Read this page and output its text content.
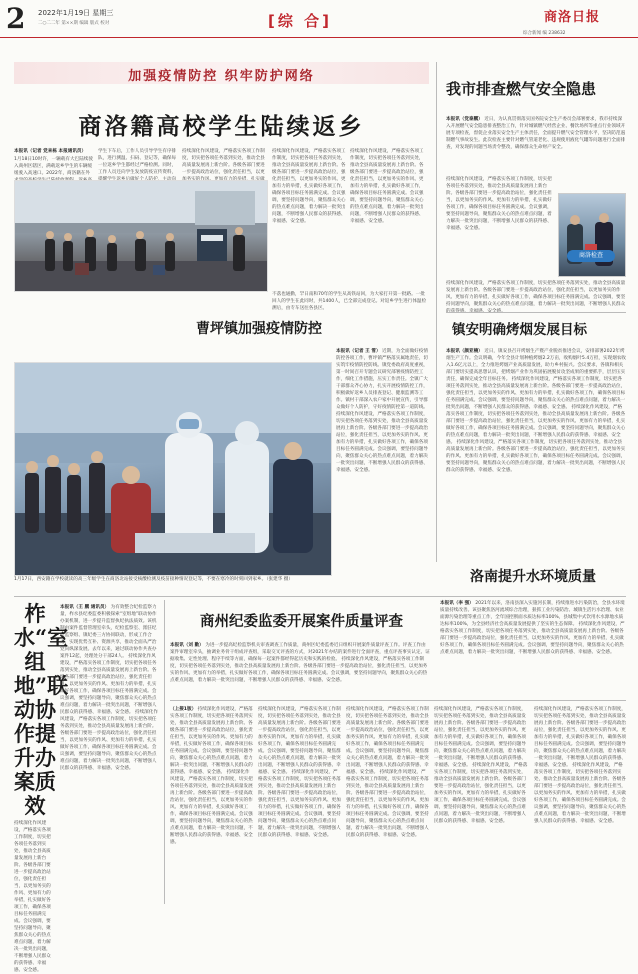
2 2022年1月19日 星期三
二○二二年 第××期 编辑 版式 校对	[综 合]	商洛日报
综合新闻 编 238632
加强疫情防控 织牢防护网络
商洛籍高校学生陆续返乡
本报讯（记者 党来栋 本报通讯员）

1月18日10时许，一辆载有大巴陆续驶入商州区辖区，满载返乡学生的车辆缓缓驶入高速口。2022年，商洛籍在外

学生下车后，工作人员引导学生有序排队，进行测温、扫码、登记等，确保每一位返乡学生都经过严格检测。同时，工作人员还向学生发放防疫宣传资料，

持续深化作风建设，严格落实各项工作制度，切实把各项任务落到实处，推动全县高质量发展再上新台阶。各级各部门要进一步提高政治站位，强化责任担当，以更

持续深化作风建设，严格落实各项工作制度，切实把各项任务落到实处，推动全县高质量发展再上新台阶。各级各部门要进一步提高政治站位，强化责任担当，以更加务实的作风、更加有力的举措，扎实做好各项工作，确保各项目标任务圆满完成。会议强调，要坚持问题导向，聚焦群众关心的热点难点问题，着力解决一批突出问题，不断增强人民群众的获得感、幸福感、安全感。

持续深化作风建设，严格落实各项工作制度，切实把各项任务落到实处，推动全县高质量发展再上新台阶。各级各部门要进一步提高政治站位，强化责任担当，以更加务实的作风、更加有力的举措，扎实做好各项工作，确保各项目标任务圆满完成。会议强调，要坚持问题导向，聚焦群众关心的热点难点问题，着力解决一批突出问题，不断增强人民群众的获得感、幸福感、安全感。

不落也通勤，罕日南和70年的学生从高铁站回，为大家打开第一批路。一批回人的学生在此同时，共1400人，已全部完成登记。对返乡学生进行体温检测后，由专车送往各县区。

我市排查燃气安全隐患
本报讯（党泰鹏） 近日，为认真贯彻落实国务院安全生产委员会部署要求，我市持续深入开展燃气安全隐患排查整治工作，针对城镇燃气经营企业、餐饮场所等重点行业领域开展专项检查，督促企业落实安全生产主体责任，全面提升燃气安全管理水平，坚决防范遏制燃气事故发生。此次检查主要针对燃气管道老化、违规使用液化气罐等问题进行全面排查，对发现的问题当场责令整改，确保群众生命财产安全。
持续深化作风建设，严格落实各项工作制度，切实把各项任务落到实处，推动全县高质量发展再上新台阶。各级各部门要进一步提高政治站位，强化责任担当，以更加务实的作风、更加有力的举措，扎实做好各项工作，确保各项目标任务圆满完成。会议强调，要坚持问题导向，聚焦群众关心的热点难点问题，着力解决一批突出问题，不断增强人民群众的获得感、幸福感、安全感。
商洛检查
持续深化作风建设，严格落实各项工作制度，切实把各项任务落到实处，推动全县高质量发展再上新台阶。各级各部门要进一步提高政治站位，强化责任担当，以更加务实的作风、更加有力的举措，扎实做好各项工作，确保各项目标任务圆满完成。会议强调，要坚持问题导向，聚焦群众关心的热点难点问题，着力解决一批突出问题，不断增强人民群众
镇安明确烤烟发展目标
本报讯（颜亚楠） 近日，镇安县召开烤烟生产暨产业脱贫推进会议，安排部署2022年烤烟生产工作。会议明确，今年全县计划种植烤烟2.2万亩，收购烟叶5.4万担，实现烟农收入1.6亿元以上，全力推进烤烟产业高质量发展，助力乡村振兴。会议要求，各镇和相关部门要切实提高思想认识，把烤烟产业作为巩固拓展脱贫攻坚成果的重要抓手，层层压实责任，确保完成全年目标任务。 持续深化作风建设，严格落实各项工作制度，切实把各项任务落到实处，推动全县高质量发展再上新台阶。各级各部门要进一步提高政治站位，强化责任担当，以更加务实的作风、更加有力的举措，扎实做好各项工作，确保各项目标任务圆满完成。会议强调，要坚持问题导向，聚焦群众关心的热点难点问题，着力解决一批突出问题，不断增强人民群众的获得感、幸福感、安全感。 持续深化作风建设，严格落实各项工作制度，切实把各项任务落到实处，推动全县高质量发展再上新台阶。各级各部门要进一步提高政治站位，强化责任担当，以更加务实的作风、更加有力的举措，扎实做好各项工作，确保各项目标任务圆满完成。会议强调，要坚持问题导向，聚焦群众关心的热点难点问题，着力解决一批突出问题，不断增强人民群众的获得感、幸福感、安全感。 持续深化作风建设，严格落实各项工作制度，切实把各项任务落到实处，推动全县高质量发展再上新台阶。各级各部门要进一步提高政治站位，强化责任担当，以更加务实的作风、更加有力的举措，扎实做好各项工作，确保各项目标任务圆满完成。会议强调，要坚持问题导向，聚焦群众关心的热点难点问题，着力解决一批突出问题，不断增强人民群众的获得感、幸福感、安全感。
曹坪镇加强疫情防控
本报讯（记者 王 雪） 近期，为全面做好疫情防控各项工作，曹坪镇严格落实属地责任，切实筑牢疫情防控防线。镇党委政府高度重视，第一时间召开专题会议研究部署疫情防控工作，细化工作措施，压实工作责任。全镇广大干部群众齐心协力，扎实开展疫情防控工作，积极做好返乡人员排查登记、健康监测等工作。镇村干部深入农户家中开展宣传，引导群众做好个人防护，守好疫情防控第一道防线。 持续深化作风建设，严格落实各项工作制度，切实把各项任务落到实处，推动全县高质量发展再上新台阶。各级各部门要进一步提高政治站位，强化责任担当，以更加务实的作风、更加有力的举措，扎实做好各项工作，确保各项目标任务圆满完成。会议强调，要坚持问题导向，聚焦群众关心的热点难点问题，着力解决一批突出问题，不断增强人民群众的获得感、幸福感、安全感。
1月17日，西安籍在学校就读的高三年级学生在商洛北站接受核酸检测及疫苗接种情况登记等，不要在寒冷的时刻回到家乡。（张建华 摄）
柞水“室组地”联动协作提升办案质效
本报讯（王 鹏 通讯员） 为有效整合纪检监察力量，柞水县纪委监委积极探索“室组地”联动协作办案机制，进一步提升监督执纪执法质效。该机制由案件监督管理室牵头，纪检监察室、派驻纪检监察组、镇纪委三方协同联动，形成工作合力，实现优势互补、资源共享，推动全面从严治党向纵深发展。去年以来，通过联动协作共查办案件12起，处理处分干部24人。 持续深化作风建设，严格落实各项工作制度，切实把各项任务落到实处，推动全县高质量发展再上新台阶。各级各部门要进一步提高政治站位，强化责任担当，以更加务实的作风、更加有力的举措，扎实做好各项工作，确保各项目标任务圆满完成。会议强调，要坚持问题导向，聚焦群众关心的热点难点问题，着力解决一批突出问题，不断增强人民群众的获得感、幸福感、安全感。 持续深化作风建设，严格落实各项工作制度，切实把各项任务落到实处，推动全县高质量发展再上新台阶。各级各部门要进一步提高政治站位，强化责任担当，以更加务实的作风、更加有力的举措，扎实做好各项工作，确保各项目标任务圆满完成。会议强调，要坚持问题导向，聚焦群众关心的热点难点问题，着力解决一批突出问题，不断增强人民群众的获得感、幸福感、安全感。
持续深化作风建设，严格落实各项工作制度，切实把各项任务落到实处，推动全县高质量发展再上新台阶。各级各部门要进一步提高政治站位，强化责任担当，以更加务实的作风、更加有力的举措，扎实做好各项工作，确保各项目标任务圆满完成。会议强调，要坚持问题导向，聚焦群众关心的热点难点问题，着力解决一批突出问题，不断增强人民群众的获得感、幸福感、安全感。
商州纪委监委开展案件质量评查
本报讯（刘 勤） 为进一步提高纪检监察机关审查调查工作质量，商州区纪委监委近日组织开展案件质量评查工作。评查工作由案件审理室牵头，抽调业务骨干组成评查组，采取交叉评查的方式，对2021年办结的案件进行全面评查，重点评查事实认定、证据收集、定性处理、程序手续等方面，确保每一起案件都经得起历史和实践的检验。 持续深化作风建设，严格落实各项工作制度，切实把各项任务落到实处，推动全县高质量发展再上新台阶。各级各部门要进一步提高政治站位，强化责任担当，以更加务实的作风、更加有力的举措，扎实做好各项工作，确保各项目标任务圆满完成。会议强调，要坚持问题导向，聚焦群众关心的热点难点问题，着力解决一批突出问题，不断增强人民群众的获得感、幸福感、安全感。
（上接1版） 持续深化作风建设，严格落实各项工作制度，切实把各项任务落到实处，推动全县高质量发展再上新台阶。各级各部门要进一步提高政治站位，强化责任担当，以更加务实的作风、更加有力的举措，扎实做好各项工作，确保各项目标任务圆满完成。会议强调，要坚持问题导向，聚焦群众关心的热点难点问题，着力解决一批突出问题，不断增强人民群众的获得感、幸福感、安全感。 持续深化作风建设，严格落实各项工作制度，切实把各项任务落到实处，推动全县高质量发展再上新台阶。各级各部门要进一步提高政治站位，强化责任担当，以更加务实的作风、更加有力的举措，扎实做好各项工作，确保各项目标任务圆满完成。会议强调，要坚持问题导向，聚焦群众关心的热点难点问题，着力解决一批突出问题，不断增强人民群众的获得感、幸福感、安全感。
持续深化作风建设，严格落实各项工作制度，切实把各项任务落到实处，推动全县高质量发展再上新台阶。各级各部门要进一步提高政治站位，强化责任担当，以更加务实的作风、更加有力的举措，扎实做好各项工作，确保各项目标任务圆满完成。会议强调，要坚持问题导向，聚焦群众关心的热点难点问题，着力解决一批突出问题，不断增强人民群众的获得感、幸福感、安全感。 持续深化作风建设，严格落实各项工作制度，切实把各项任务落到实处，推动全县高质量发展再上新台阶。各级各部门要进一步提高政治站位，强化责任担当，以更加务实的作风、更加有力的举措，扎实做好各项工作，确保各项目标任务圆满完成。会议强调，要坚持问题导向，聚焦群众关心的热点难点问题，着力解决一批突出问题，不断增强人民群众的获得感、幸福感、安全感。
持续深化作风建设，严格落实各项工作制度，切实把各项任务落到实处，推动全县高质量发展再上新台阶。各级各部门要进一步提高政治站位，强化责任担当，以更加务实的作风、更加有力的举措，扎实做好各项工作，确保各项目标任务圆满完成。会议强调，要坚持问题导向，聚焦群众关心的热点难点问题，着力解决一批突出问题，不断增强人民群众的获得感、幸福感、安全感。 持续深化作风建设，严格落实各项工作制度，切实把各项任务落到实处，推动全县高质量发展再上新台阶。各级各部门要进一步提高政治站位，强化责任担当，以更加务实的作风、更加有力的举措，扎实做好各项工作，确保各项目标任务圆满完成。会议强调，要坚持问题导向，聚焦群众关心的热点难点问题，着力解决一批突出问题，不断增强人民群众的获得感、幸福感、安全感。
持续深化作风建设，严格落实各项工作制度，切实把各项任务落到实处，推动全县高质量发展再上新台阶。各级各部门要进一步提高政治站位，强化责任担当，以更加务实的作风、更加有力的举措，扎实做好各项工作，确保各项目标任务圆满完成。会议强调，要坚持问题导向，聚焦群众关心的热点难点问题，着力解决一批突出问题，不断增强人民群众的获得感、幸福感、安全感。 持续深化作风建设，严格落实各项工作制度，切实把各项任务落到实处，推动全县高质量发展再上新台阶。各级各部门要进一步提高政治站位，强化责任担当，以更加务实的作风、更加有力的举措，扎实做好各项工作，确保各项目标任务圆满完成。会议强调，要坚持问题导向，聚焦群众关心的热点难点问题，着力解决一批突出问题，不断增强人民群众的获得感、幸福感、安全感。
持续深化作风建设，严格落实各项工作制度，切实把各项任务落到实处，推动全县高质量发展再上新台阶。各级各部门要进一步提高政治站位，强化责任担当，以更加务实的作风、更加有力的举措，扎实做好各项工作，确保各项目标任务圆满完成。会议强调，要坚持问题导向，聚焦群众关心的热点难点问题，着力解决一批突出问题，不断增强人民群众的获得感、幸福感、安全感。 持续深化作风建设，严格落实各项工作制度，切实把各项任务落到实处，推动全县高质量发展再上新台阶。各级各部门要进一步提高政治站位，强化责任担当，以更加务实的作风、更加有力的举措，扎实做好各项工作，确保各项目标任务圆满完成。会议强调，要坚持问题导向，聚焦群众关心的热点难点问题，着力解决一批突出问题，不断增强人民群众的获得感、幸福感、安全感。
洛南提升水环境质量
本报讯（李 强） 2021年以来，洛南县深入实施河长制，持续推进水污染防治，全县水环境质量持续改善。该县聚焦洛河流域综合治理，狠抓工业污染防治、城镇生活污水治理、农业面源污染治理等重点工作，全年国控断面水质达标率100%，县城集中式饮用水水源地水质达标率100%，为全县经济社会高质量发展提供了坚实的生态保障。 持续深化作风建设，严格落实各项工作制度，切实把各项任务落到实处，推动全县高质量发展再上新台阶。各级各部门要进一步提高政治站位，强化责任担当，以更加务实的作风、更加有力的举措，扎实做好各项工作，确保各项目标任务圆满完成。会议强调，要坚持问题导向，聚焦群众关心的热点难点问题，着力解决一批突出问题，不断增强人民群众的获得感、幸福感、安全感。
